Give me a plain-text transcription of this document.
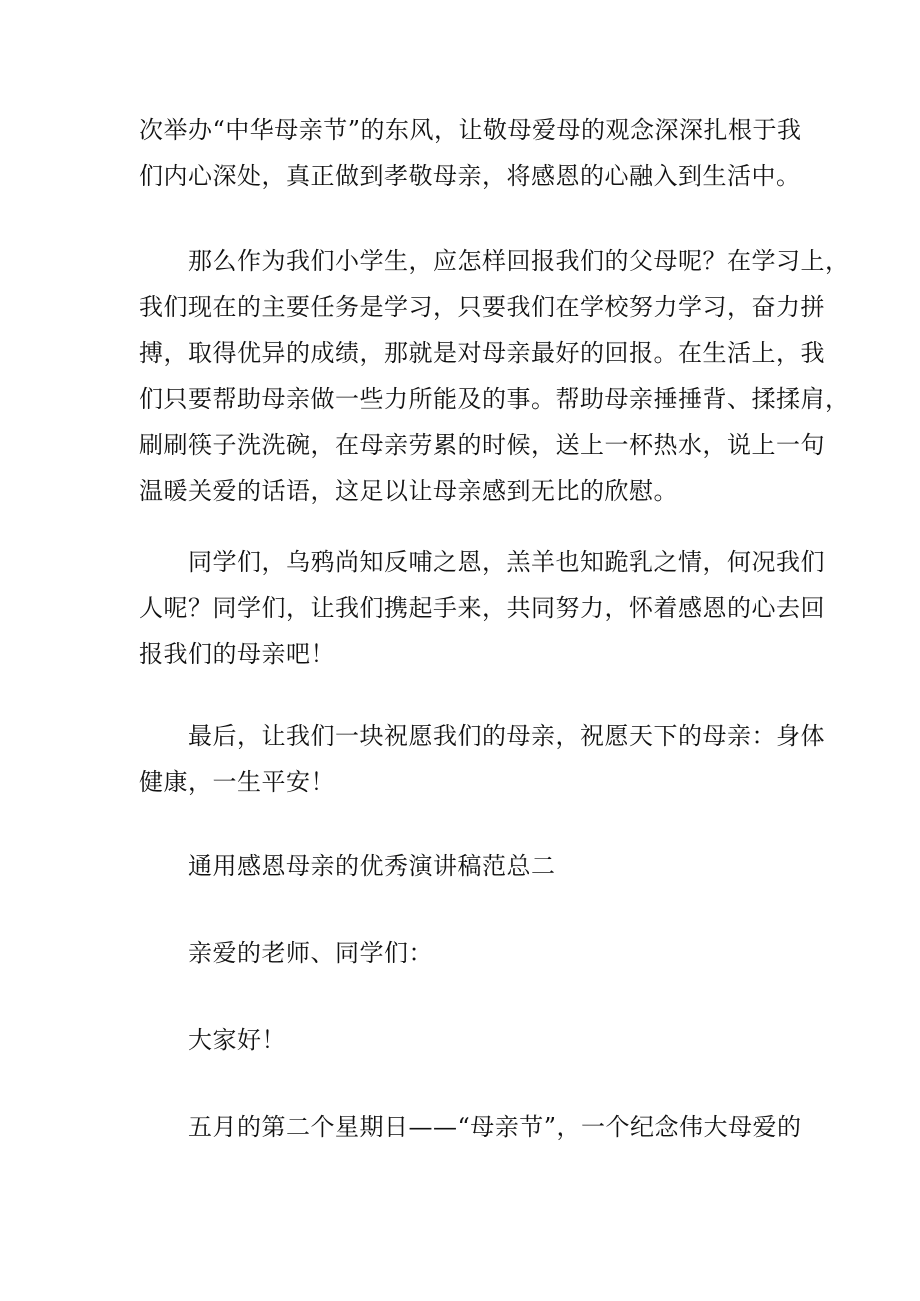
次举办“中华母亲节”的东风，让敬母爱母的观念深深扎根于我
们内心深处，真正做到孝敬母亲，将感恩的心融入到生活中。

那么作为我们小学生，应怎样回报我们的父母呢？在学习上，
我们现在的主要任务是学习，只要我们在学校努力学习，奋力拼
搏，取得优异的成绩，那就是对母亲最好的回报。在生活上，我
们只要帮助母亲做一些力所能及的事。帮助母亲捶捶背、揉揉肩，
刷刷筷子洗洗碗，在母亲劳累的时候，送上一杯热水，说上一句
温暖关爱的话语，这足以让母亲感到无比的欣慰。

同学们，乌鸦尚知反哺之恩，羔羊也知跪乳之情，何况我们
人呢？同学们，让我们携起手来，共同努力，怀着感恩的心去回
报我们的母亲吧！

最后，让我们一块祝愿我们的母亲，祝愿天下的母亲：身体
健康，一生平安！

通用感恩母亲的优秀演讲稿范总二

亲爱的老师、同学们：

大家好！

五月的第二个星期日——“母亲节”，一个纪念伟大母爱的
